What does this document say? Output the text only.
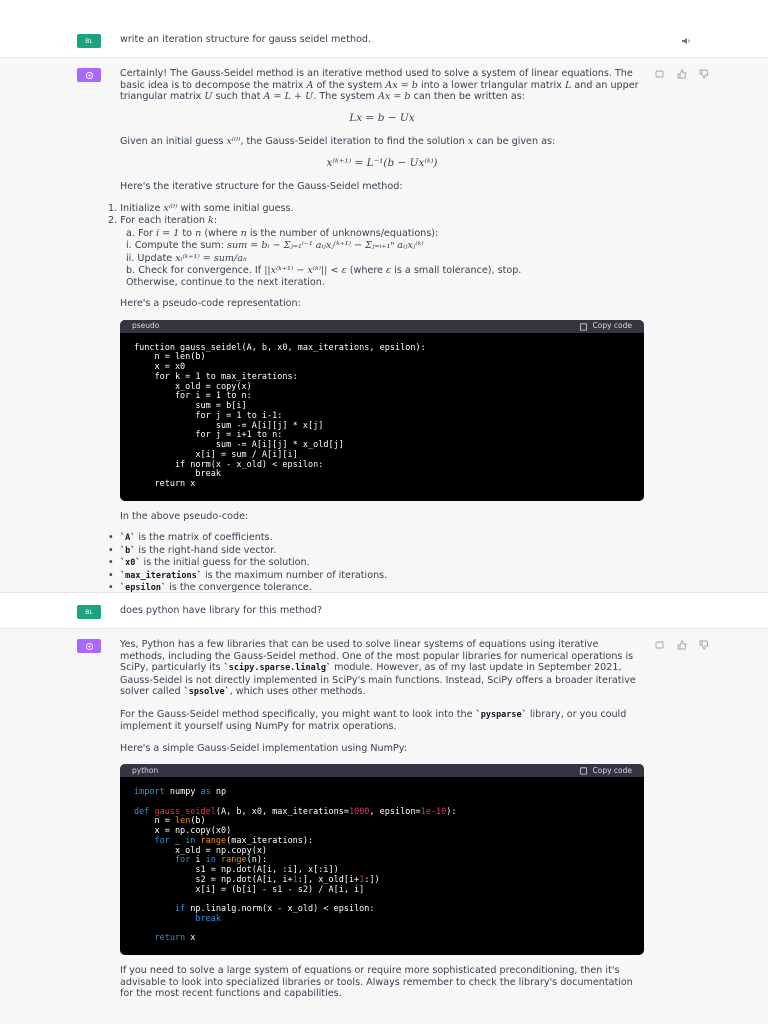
BL	write an iteration structure for gauss seidel method.

Certainly! The Gauss-Seidel method is an iterative method used to solve a system of linear equations. The basic idea is to decompose the matrix A of the system Ax = b into a lower triangular matrix L and an upper triangular matrix U such that A = L + U. The system Ax = b can then be written as:

Lx = b − Ux

Given an initial guess x⁽⁰⁾, the Gauss-Seidel iteration to find the solution x can be given as:

x⁽ᵏ⁺¹⁾ = L⁻¹(b − Ux⁽ᵏ⁾)

Here's the iterative structure for the Gauss-Seidel method:

1. Initialize x⁽⁰⁾ with some initial guess.
2. For each iteration k:
a. For i = 1 to n (where n is the number of unknowns/equations):
i. Compute the sum: sum = bᵢ − Σⱼ₌₁ⁱ⁻¹ aᵢⱼxⱼ⁽ᵏ⁺¹⁾ − Σⱼ₌ᵢ₊₁ⁿ aᵢⱼxⱼ⁽ᵏ⁾
ii. Update xᵢ⁽ᵏ⁺¹⁾ = sum/aᵢᵢ
b. Check for convergence. If ||x⁽ᵏ⁺¹⁾ − x⁽ᵏ⁾|| < ε (where ε is a small tolerance), stop.
Otherwise, continue to the next iteration.

Here's a pseudo-code representation:

pseudo	Copy code
function gauss_seidel(A, b, x0, max_iterations, epsilon):
n = len(b)
x = x0
for k = 1 to max_iterations:
x_old = copy(x)
for i = 1 to n:
sum = b[i]
for j = 1 to i-1:
sum -= A[i][j] * x[j]
for j = i+1 to n:
sum -= A[i][j] * x_old[j]
x[i] = sum / A[i][i]
if norm(x - x_old) < epsilon:
break
return x

In the above pseudo-code:

• `A` is the matrix of coefficients.
• `b` is the right-hand side vector.
• `x0` is the initial guess for the solution.
• `max_iterations` is the maximum number of iterations.
• `epsilon` is the convergence tolerance.
•
BL	does python have library for this method?

Yes, Python has a few libraries that can be used to solve linear systems of equations using iterative methods, including the Gauss-Seidel method. One of the most popular libraries for numerical operations is SciPy, particularly its `scipy.sparse.linalg` module. However, as of my last update in September 2021, Gauss-Seidel is not directly implemented in SciPy's main functions. Instead, SciPy offers a broader iterative solver called `spsolve`, which uses other methods.

For the Gauss-Seidel method specifically, you might want to look into the `pysparse` library, or you could implement it yourself using NumPy for matrix operations.

Here's a simple Gauss-Seidel implementation using NumPy:

python	Copy code
import numpy as np

def gauss_seidel(A, b, x0, max_iterations=1000, epsilon=1e-10):
n = len(b)
x = np.copy(x0)
for _ in range(max_iterations):
x_old = np.copy(x)
for i in range(n):
s1 = np.dot(A[i, :i], x[:i])
s2 = np.dot(A[i, i+1:], x_old[i+1:])
x[i] = (b[i] - s1 - s2) / A[i, i]

if np.linalg.norm(x - x_old) < epsilon:
break

return x

If you need to solve a large system of equations or require more sophisticated preconditioning, then it's advisable to look into specialized libraries or tools. Always remember to check the library's documentation for the most recent functions and capabilities.
